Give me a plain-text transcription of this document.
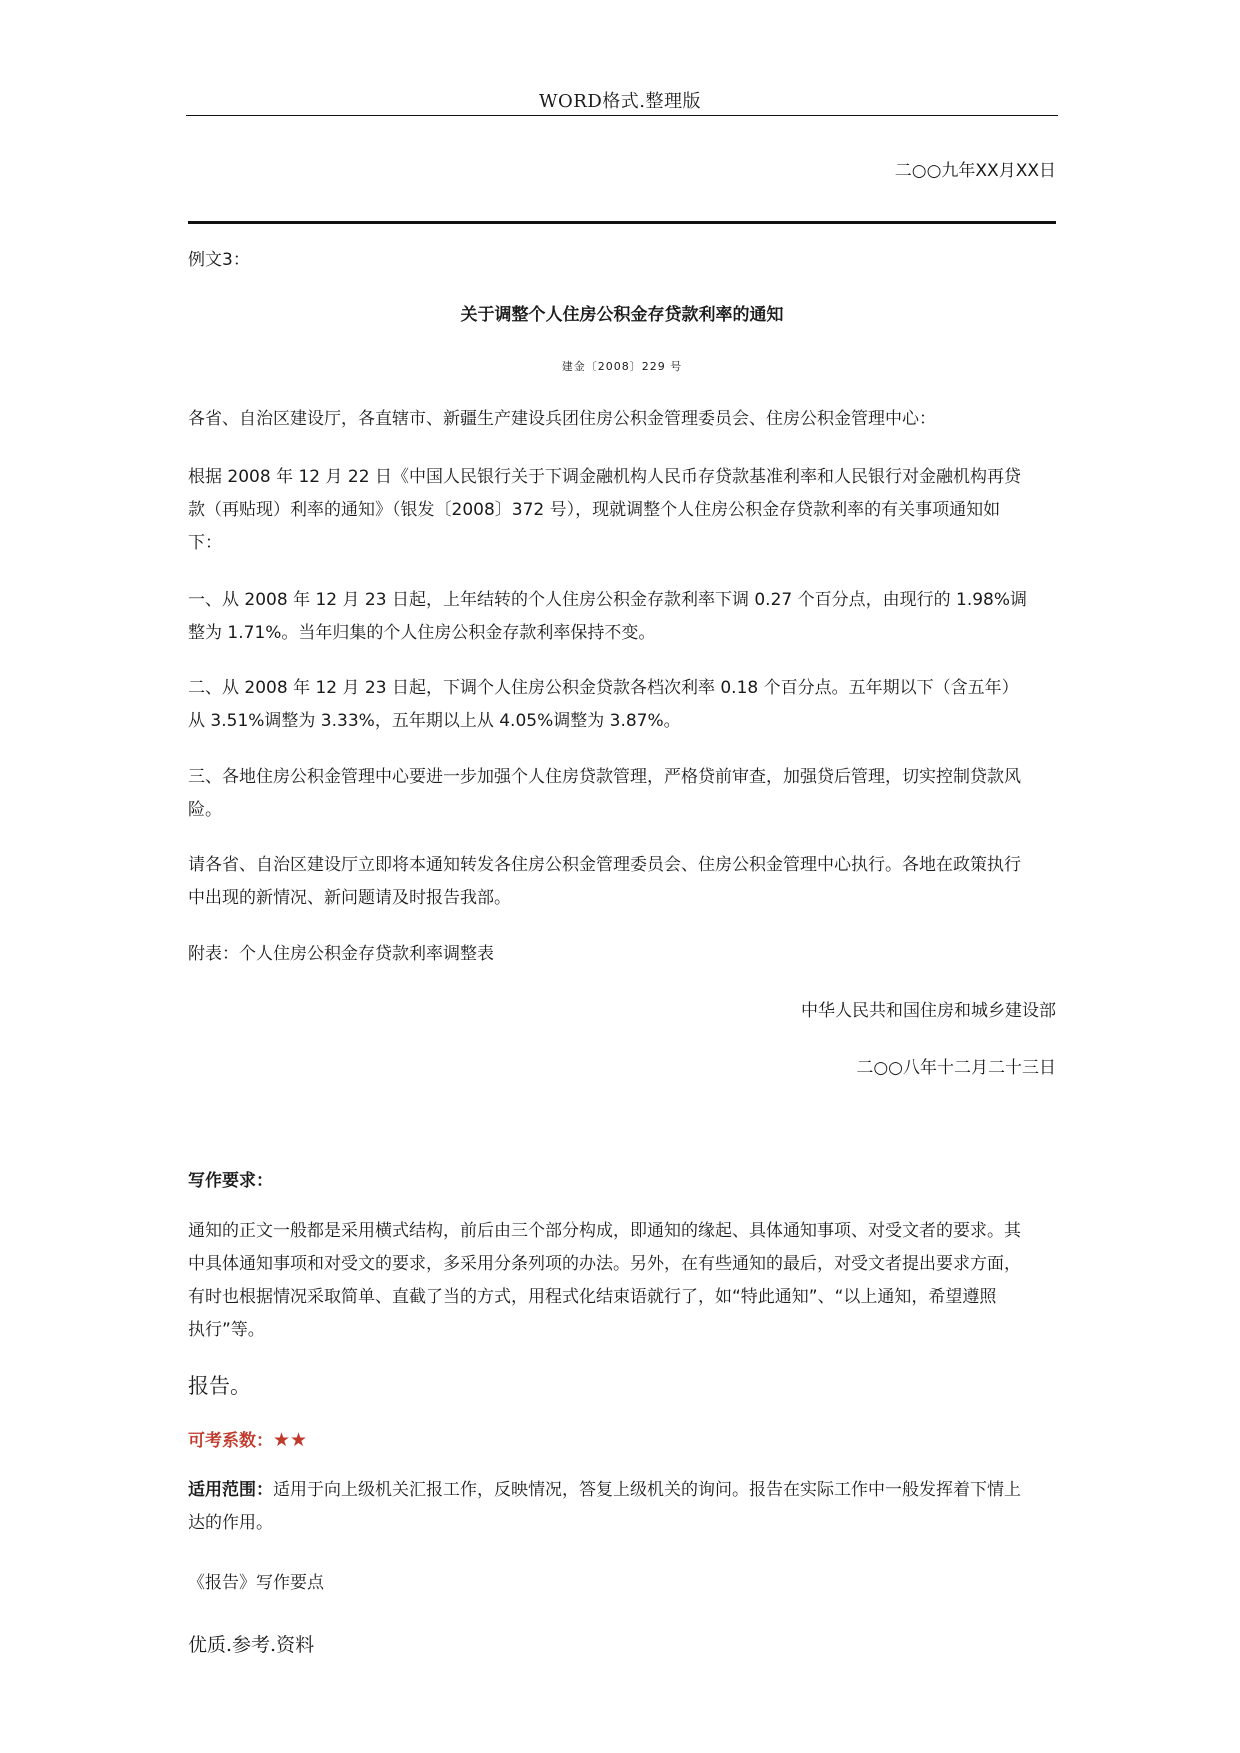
WORD格式.整理版
二○○九年XX月XX日
例文3：
关于调整个人住房公积金存贷款利率的通知
建金〔2008〕229 号
各省、自治区建设厅，各直辖市、新疆生产建设兵团住房公积金管理委员会、住房公积金管理中心：
根据 2008 年 12 月 22 日《中国人民银行关于下调金融机构人民币存贷款基准利率和人民银行对金融机构再贷
款（再贴现）利率的通知》（银发〔2008〕372 号），现就调整个人住房公积金存贷款利率的有关事项通知如
下：
一、从 2008 年 12 月 23 日起，上年结转的个人住房公积金存款利率下调 0.27 个百分点，由现行的 1.98%调
整为 1.71%。当年归集的个人住房公积金存款利率保持不变。
二、从 2008 年 12 月 23 日起，下调个人住房公积金贷款各档次利率 0.18 个百分点。五年期以下（含五年）
从 3.51%调整为 3.33%，五年期以上从 4.05%调整为 3.87%。
三、各地住房公积金管理中心要进一步加强个人住房贷款管理，严格贷前审查，加强贷后管理，切实控制贷款风
险。
请各省、自治区建设厅立即将本通知转发各住房公积金管理委员会、住房公积金管理中心执行。各地在政策执行
中出现的新情况、新问题请及时报告我部。
附表：个人住房公积金存贷款利率调整表
中华人民共和国住房和城乡建设部
二○○八年十二月二十三日
写作要求：
通知的正文一般都是采用横式结构，前后由三个部分构成，即通知的缘起、具体通知事项、对受文者的要求。其
中具体通知事项和对受文的要求，多采用分条列项的办法。另外，在有些通知的最后，对受文者提出要求方面，
有时也根据情况采取简单、直截了当的方式，用程式化结束语就行了，如“特此通知”、“以上通知，希望遵照
执行”等。
报告。
可考系数：★★
适用范围：适用于向上级机关汇报工作，反映情况，答复上级机关的询问。报告在实际工作中一般发挥着下情上
达的作用。
《报告》写作要点
优质.参考.资料
